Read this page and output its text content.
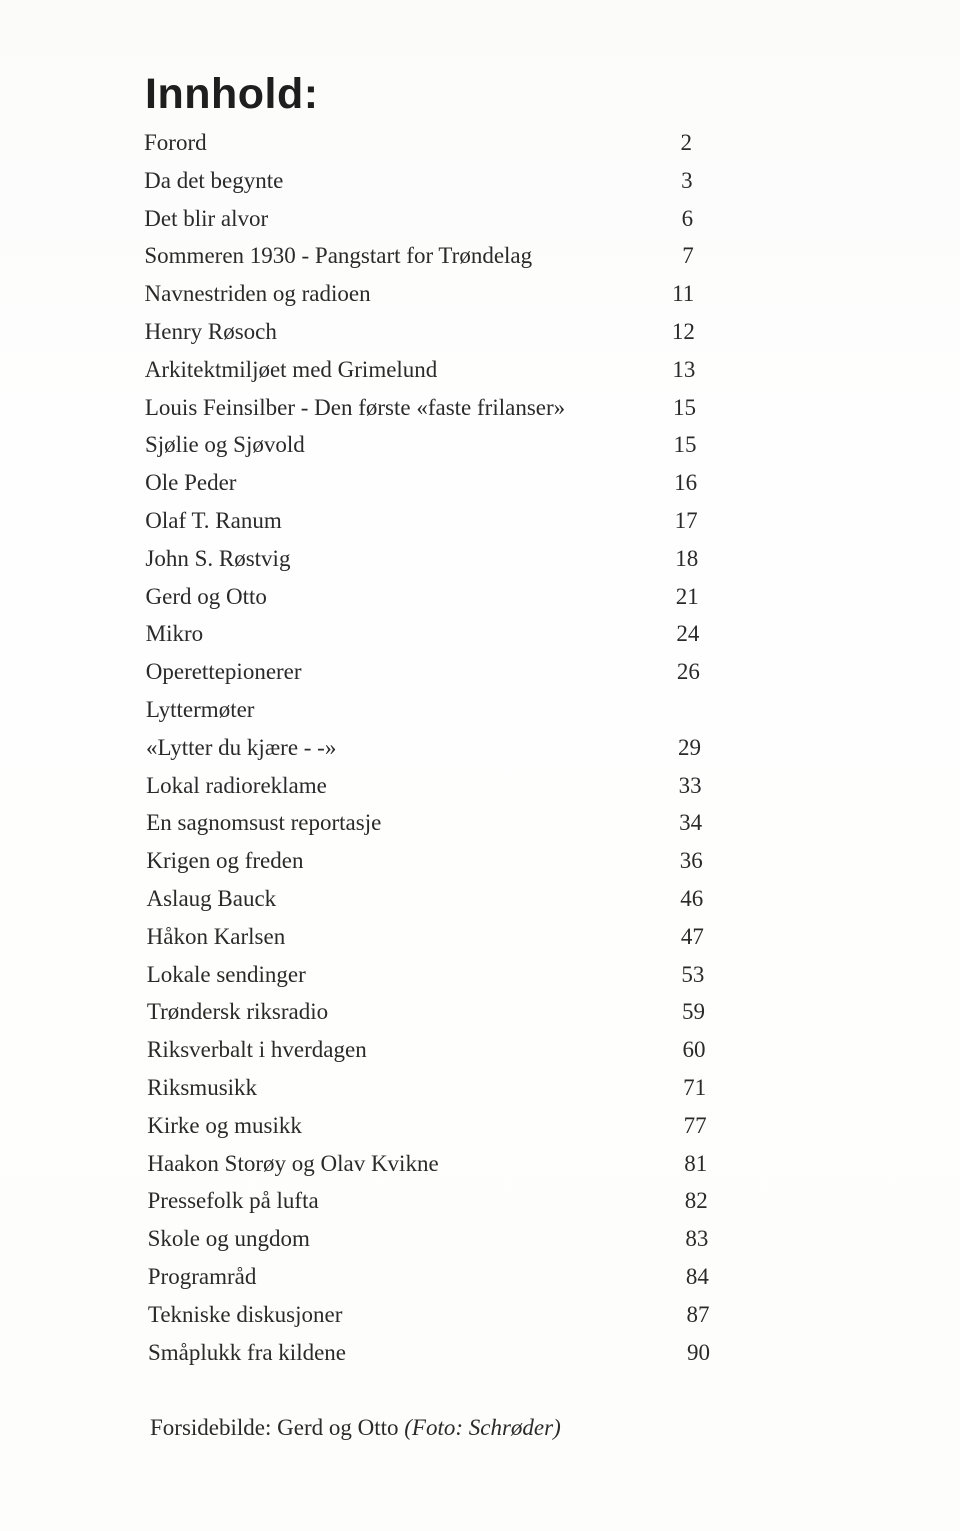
Innhold:
Forord	2
Da det begynte	3
Det blir alvor	6
Sommeren 1930 - Pangstart for Trøndelag	7
Navnestriden og radioen	11
Henry Røsoch	12
Arkitektmiljøet med Grimelund	13
Louis Feinsilber - Den første «faste frilanser»	15
Sjølie og Sjøvold	15
Ole Peder	16
Olaf T. Ranum	17
John S. Røstvig	18
Gerd og Otto	21
Mikro	24
Operettepionerer	26
Lyttermøter
«Lytter du kjære - -»	29
Lokal radioreklame	33
En sagnomsust reportasje	34
Krigen og freden	36
Aslaug Bauck	46
Håkon Karlsen	47
Lokale sendinger	53
Trøndersk riksradio	59
Riksverbalt i hverdagen	60
Riksmusikk	71
Kirke og musikk	77
Haakon Storøy og Olav Kvikne	81
Pressefolk på lufta	82
Skole og ungdom	83
Programråd	84
Tekniske diskusjoner	87
Småplukk fra kildene	90
Forsidebilde: Gerd og Otto (Foto: Schrøder)
